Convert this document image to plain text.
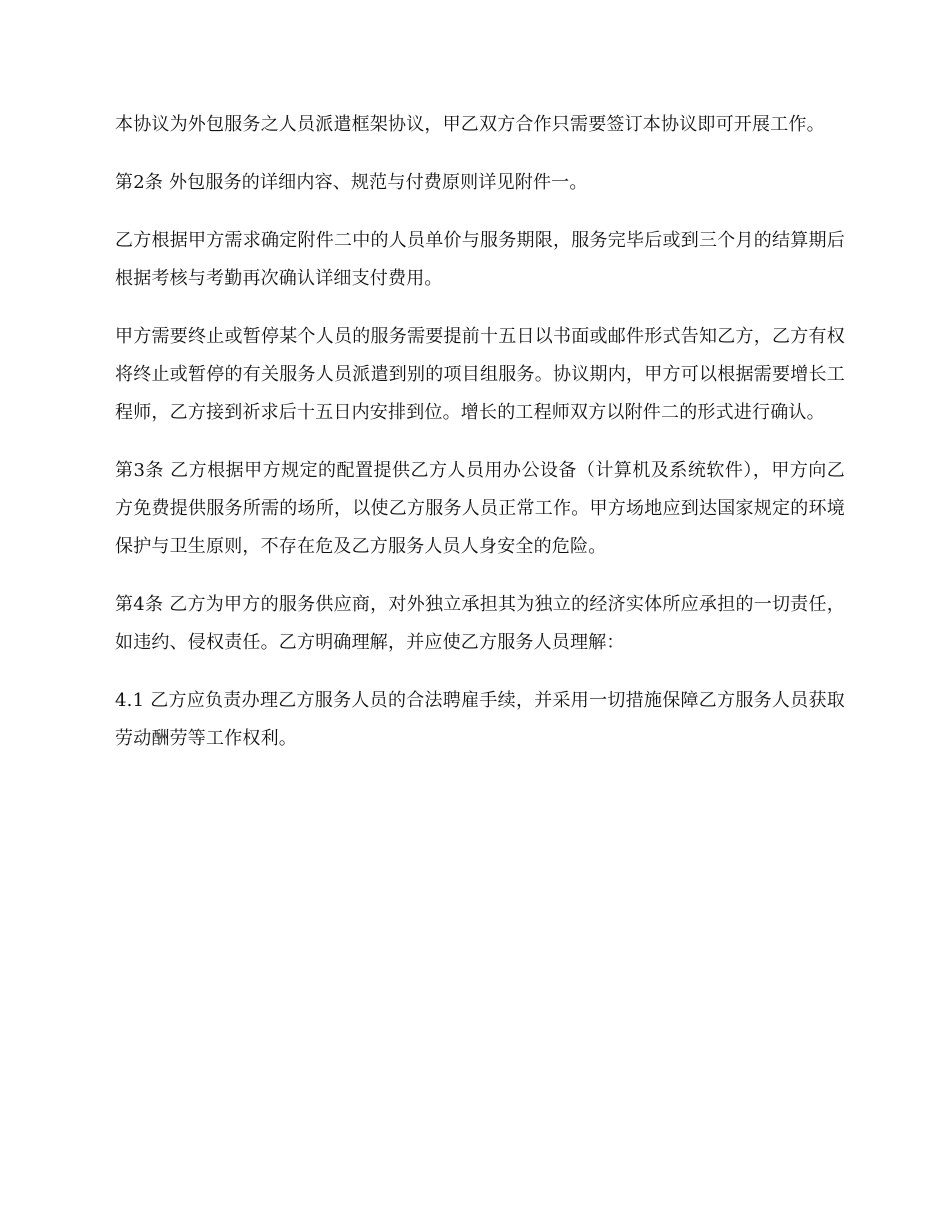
本协议为外包服务之人员派遣框架协议，甲乙双方合作只需要签订本协议即可开展工作。

第2条 外包服务的详细内容、规范与付费原则详见附件一。

乙方根据甲方需求确定附件二中的人员单价与服务期限，服务完毕后或到三个月的结算期后根据考核与考勤再次确认详细支付费用。

甲方需要终止或暂停某个人员的服务需要提前十五日以书面或邮件形式告知乙方，乙方有权将终止或暂停的有关服务人员派遣到别的项目组服务。协议期内，甲方可以根据需要增长工程师，乙方接到祈求后十五日内安排到位。增长的工程师双方以附件二的形式进行确认。

第3条 乙方根据甲方规定的配置提供乙方人员用办公设备（计算机及系统软件），甲方向乙方免费提供服务所需的场所，以使乙方服务人员正常工作。甲方场地应到达国家规定的环境保护与卫生原则，不存在危及乙方服务人员人身安全的危险。

第4条 乙方为甲方的服务供应商，对外独立承担其为独立的经济实体所应承担的一切责任，如违约、侵权责任。乙方明确理解，并应使乙方服务人员理解：

4.1 乙方应负责办理乙方服务人员的合法聘雇手续，并采用一切措施保障乙方服务人员获取劳动酬劳等工作权利。
